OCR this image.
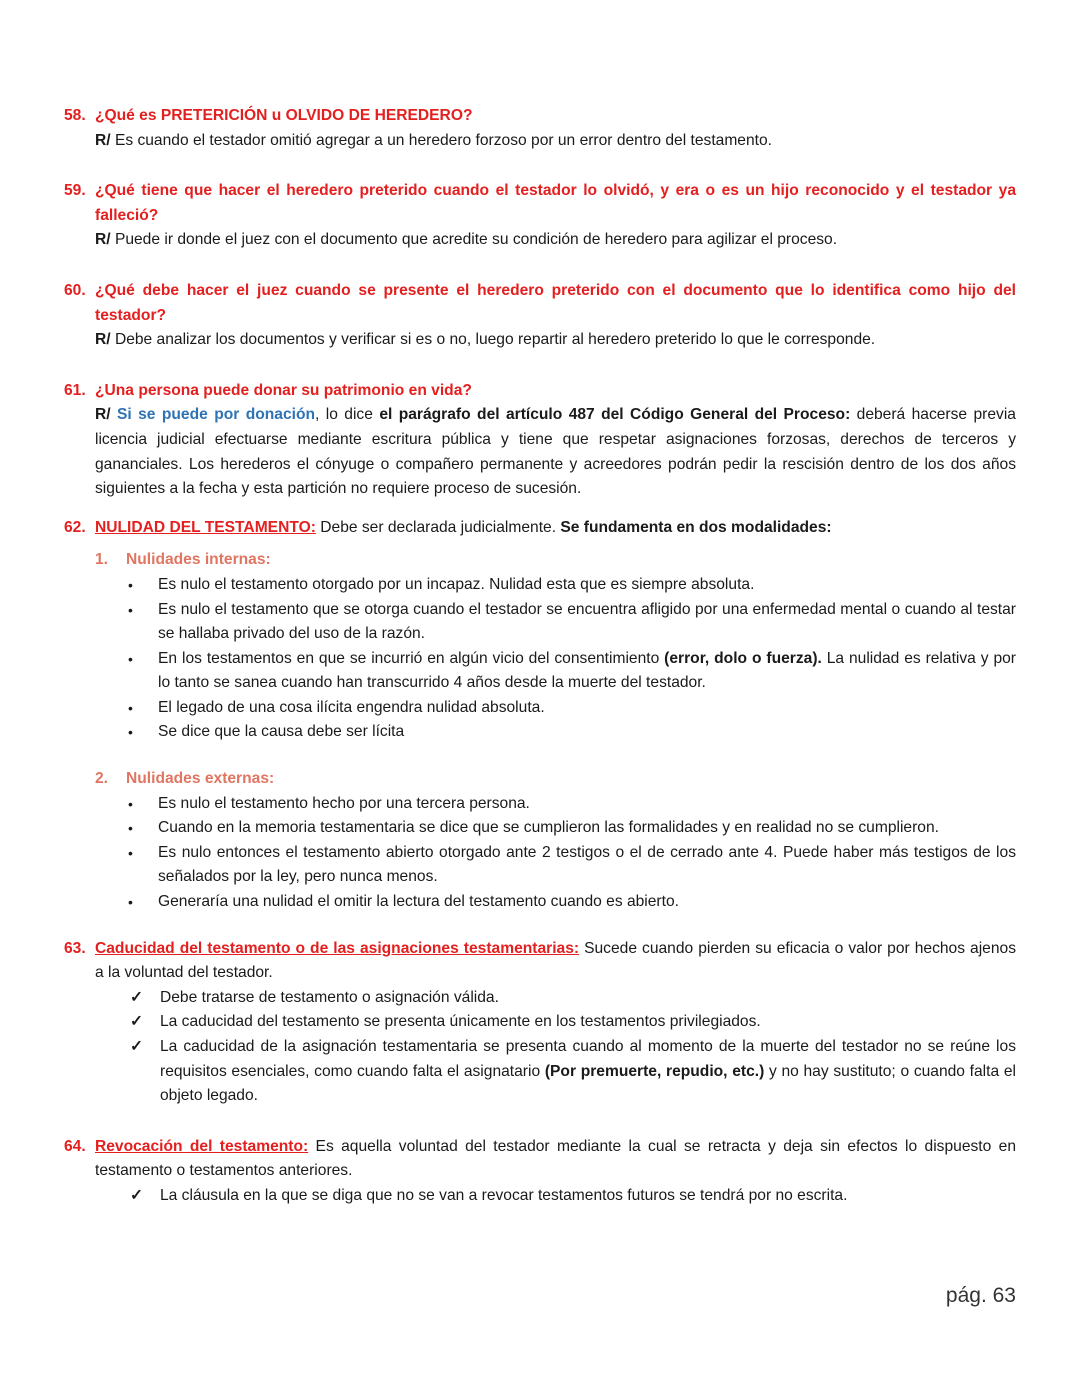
58. ¿Qué es PRETERICIÓN u OLVIDO DE HEREDERO?
R/ Es cuando el testador omitió agregar a un heredero forzoso por un error dentro del testamento.
59. ¿Qué tiene que hacer el heredero preterido cuando el testador lo olvidó, y era o es un hijo reconocido y el testador ya falleció?
R/ Puede ir donde el juez con el documento que acredite su condición de heredero para agilizar el proceso.
60. ¿Qué debe hacer el juez cuando se presente el heredero preterido con el documento que lo identifica como hijo del testador?
R/ Debe analizar los documentos y verificar si es o no, luego repartir al heredero preterido lo que le corresponde.
61. ¿Una persona puede donar su patrimonio en vida?
R/ Si se puede por donación, lo dice el parágrafo del artículo 487 del Código General del Proceso: deberá hacerse previa licencia judicial efectuarse mediante escritura pública y tiene que respetar asignaciones forzosas, derechos de terceros y gananciales. Los herederos el cónyuge o compañero permanente y acreedores podrán pedir la rescisión dentro de los dos años siguientes a la fecha y esta partición no requiere proceso de sucesión.
62. NULIDAD DEL TESTAMENTO: Debe ser declarada judicialmente. Se fundamenta en dos modalidades:
1. Nulidades internas:
• Es nulo el testamento otorgado por un incapaz. Nulidad esta que es siempre absoluta.
• Es nulo el testamento que se otorga cuando el testador se encuentra afligido por una enfermedad mental o cuando al testar se hallaba privado del uso de la razón.
• En los testamentos en que se incurrió en algún vicio del consentimiento (error, dolo o fuerza). La nulidad es relativa y por lo tanto se sanea cuando han transcurrido 4 años desde la muerte del testador.
• El legado de una cosa ilícita engendra nulidad absoluta.
• Se dice que la causa debe ser lícita
2. Nulidades externas:
• Es nulo el testamento hecho por una tercera persona.
• Cuando en la memoria testamentaria se dice que se cumplieron las formalidades y en realidad no se cumplieron.
• Es nulo entonces el testamento abierto otorgado ante 2 testigos o el de cerrado ante 4. Puede haber más testigos de los señalados por la ley, pero nunca menos.
• Generaría una nulidad el omitir la lectura del testamento cuando es abierto.
63. Caducidad del testamento o de las asignaciones testamentarias: Sucede cuando pierden su eficacia o valor por hechos ajenos a la voluntad del testador.
✓ Debe tratarse de testamento o asignación válida.
✓ La caducidad del testamento se presenta únicamente en los testamentos privilegiados.
✓ La caducidad de la asignación testamentaria se presenta cuando al momento de la muerte del testador no se reúne los requisitos esenciales, como cuando falta el asignatario (Por premuerte, repudio, etc.) y no hay sustituto; o cuando falta el objeto legado.
64. Revocación del testamento: Es aquella voluntad del testador mediante la cual se retracta y deja sin efectos lo dispuesto en testamento o testamentos anteriores.
✓ La cláusula en la que se diga que no se van a revocar testamentos futuros se tendrá por no escrita.
pág. 63
